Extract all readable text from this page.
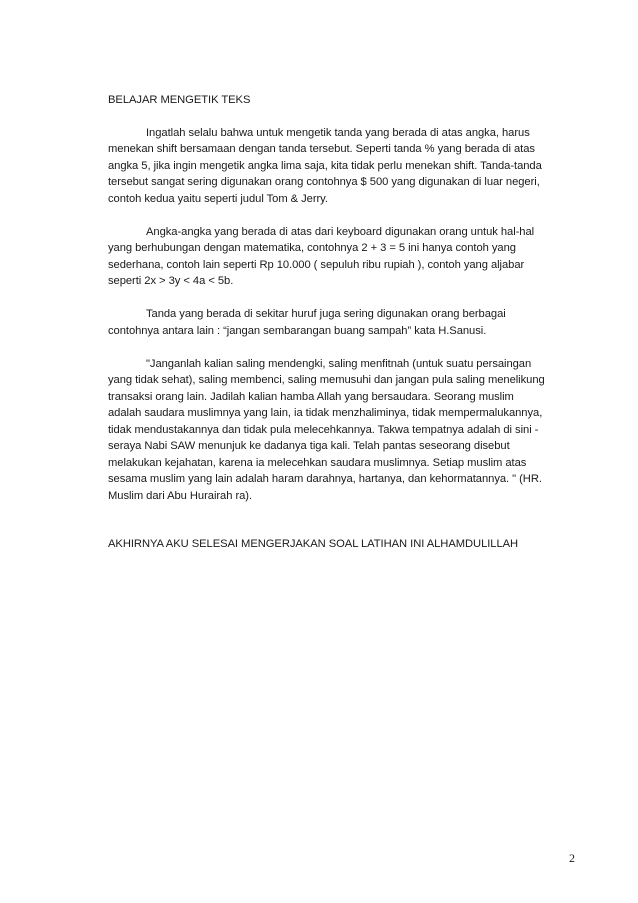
BELAJAR MENGETIK TEKS

Ingatlah selalu bahwa untuk mengetik tanda yang berada di atas angka, harus menekan shift bersamaan dengan tanda tersebut. Seperti tanda % yang berada di atas angka 5, jika ingin mengetik angka lima saja, kita tidak perlu menekan shift. Tanda-tanda tersebut sangat sering digunakan orang contohnya $ 500 yang digunakan di luar negeri, contoh kedua yaitu seperti judul Tom & Jerry.

Angka-angka yang berada di atas dari keyboard digunakan orang untuk hal-hal yang berhubungan dengan matematika, contohnya 2 + 3 = 5 ini hanya contoh yang sederhana, contoh lain seperti Rp 10.000 ( sepuluh ribu rupiah ), contoh yang aljabar seperti 2x > 3y < 4a < 5b.

Tanda yang berada di sekitar huruf juga sering digunakan orang berbagai contohnya antara lain : “jangan sembarangan buang sampah” kata H.Sanusi.

"Janganlah kalian saling mendengki, saling menfitnah (untuk suatu persaingan yang tidak sehat), saling membenci, saling memusuhi dan jangan pula saling menelikung transaksi orang lain. Jadilah kalian hamba Allah yang bersaudara. Seorang muslim adalah saudara muslimnya yang lain, ia tidak menzhaliminya, tidak mempermalukannya, tidak mendustakannya dan tidak pula melecehkannya. Takwa tempatnya adalah di sini -seraya Nabi SAW menunjuk ke dadanya tiga kali. Telah pantas seseorang disebut melakukan kejahatan, karena ia melecehkan saudara muslimnya. Setiap muslim atas sesama muslim yang lain adalah haram darahnya, hartanya, dan kehormatannya. " (HR. Muslim dari Abu Hurairah ra).

AKHIRNYA AKU SELESAI MENGERJAKAN SOAL LATIHAN INI ALHAMDULILLAH
2
